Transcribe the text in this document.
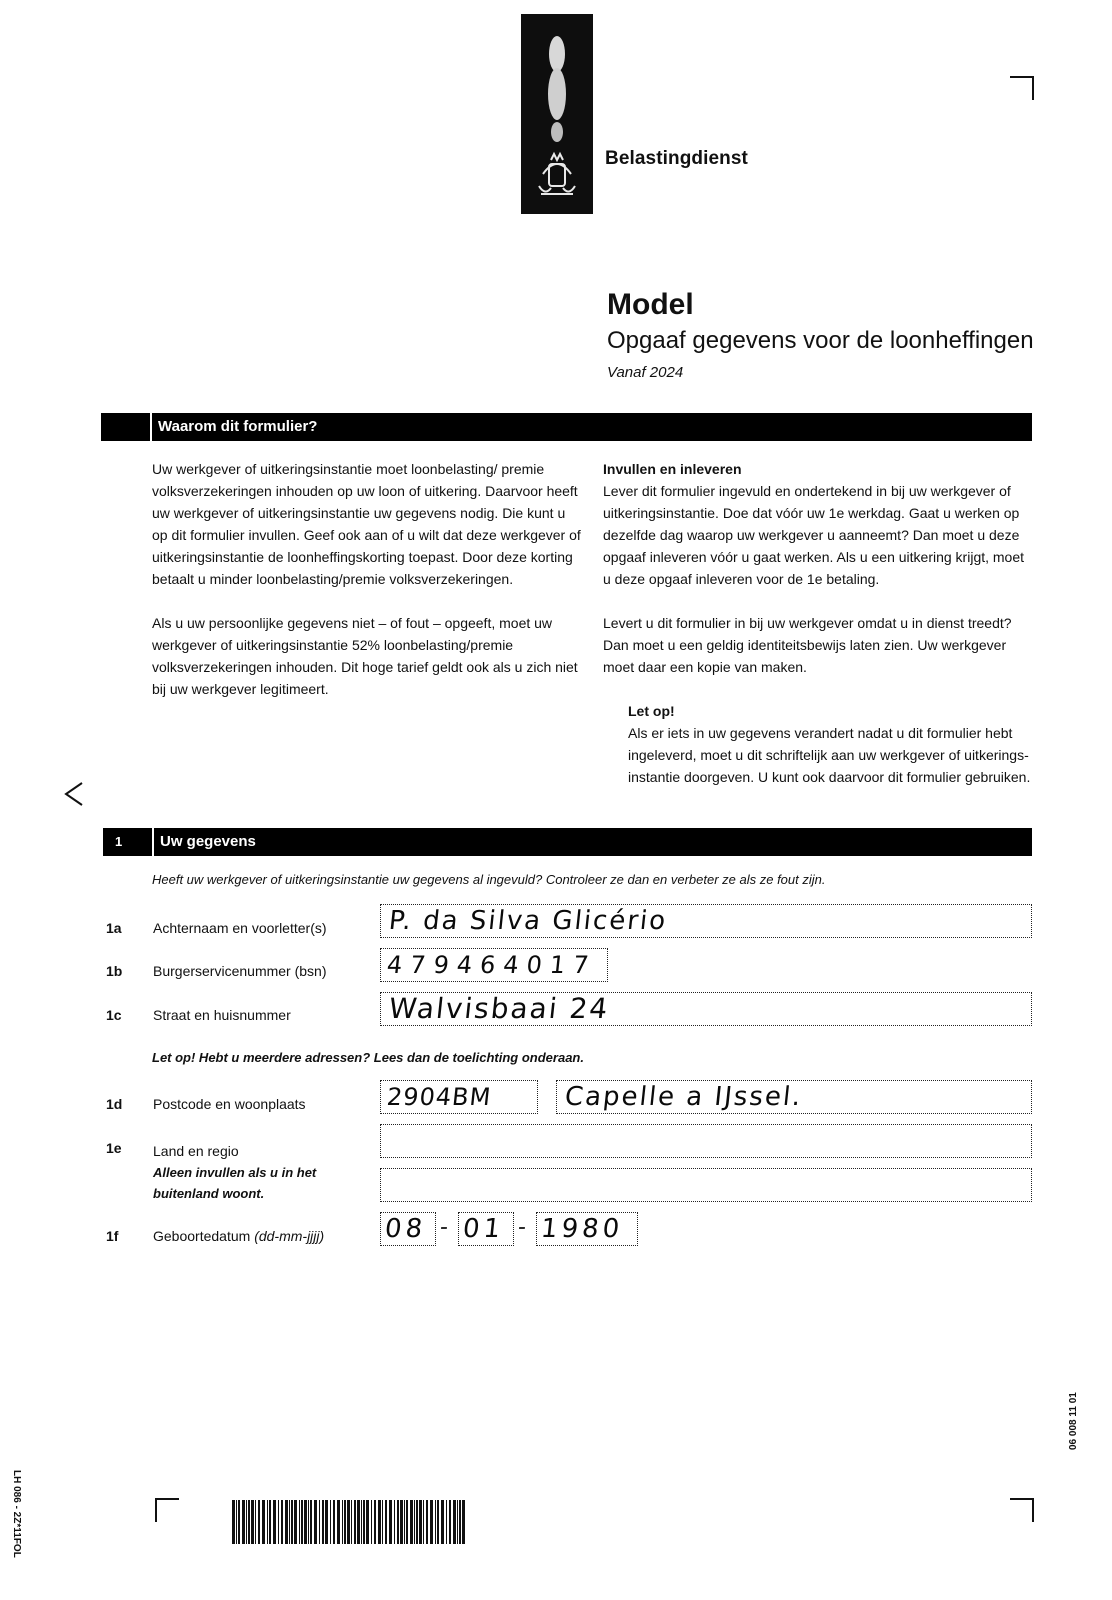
Belastingdienst
Model
Opgaaf gegevens voor de loonheffingen
Vanaf 2024
Waarom dit formulier?

Uw werkgever of uitkeringsinstantie moet loonbelasting/ premie volksverzekeringen inhouden op uw loon of uitkering. Daarvoor heeft uw werkgever of uitkeringsinstantie uw gegevens nodig. Die kunt u op dit formulier invullen. Geef ook aan of u wilt dat deze werkgever of uitkeringsinstantie de loonheffingskorting toepast. Door deze korting betaalt u minder loonbelasting/premie volksverzekeringen.

Als u uw persoonlijke gegevens niet – of fout – opgeeft, moet uw werkgever of uitkeringsinstantie 52% loonbelasting/premie volksverzekeringen inhouden. Dit hoge tarief geldt ook als u zich niet bij uw werkgever legitimeert.

Invullen en inleveren

Lever dit formulier ingevuld en ondertekend in bij uw werkgever of uitkeringsinstantie. Doe dat vóór uw 1e werkdag. Gaat u werken op dezelfde dag waarop uw werkgever u aanneemt? Dan moet u deze opgaaf inleveren vóór u gaat werken. Als u een uitkering krijgt, moet u deze opgaaf inleveren voor de 1e betaling.

Levert u dit formulier in bij uw werkgever omdat u in dienst treedt? Dan moet u een geldig identiteitsbewijs laten zien. Uw werkgever moet daar een kopie van maken.

Let op!

Als er iets in uw gegevens verandert nadat u dit formulier hebt ingeleverd, moet u dit schriftelijk aan uw werkgever of uitkerings-instantie doorgeven. U kunt ook daarvoor dit formulier gebruiken.

1	Uw gegevens
Heeft uw werkgever of uitkeringsinstantie uw gegevens al ingevuld? Controleer ze dan en verbeter ze als ze fout zijn.
1a Achternaam en voorletter(s) P. da Silva Glicério
1b Burgerservicenummer (bsn) 479464017
1c Straat en huisnummer	Walvisbaai 24
Let op! Hebt u meerdere adressen? Lees dan de toelichting onderaan.
1d Postcode en woonplaats	2904BM	Capelle a IJssel.
1e Land en regio
Alleen invullen als u in het buitenland woont.
1f Geboortedatum (dd-mm-jjjj) 08 - 01 - 1980
LH 086 - 2Z*11FOL
06 008 11 01
